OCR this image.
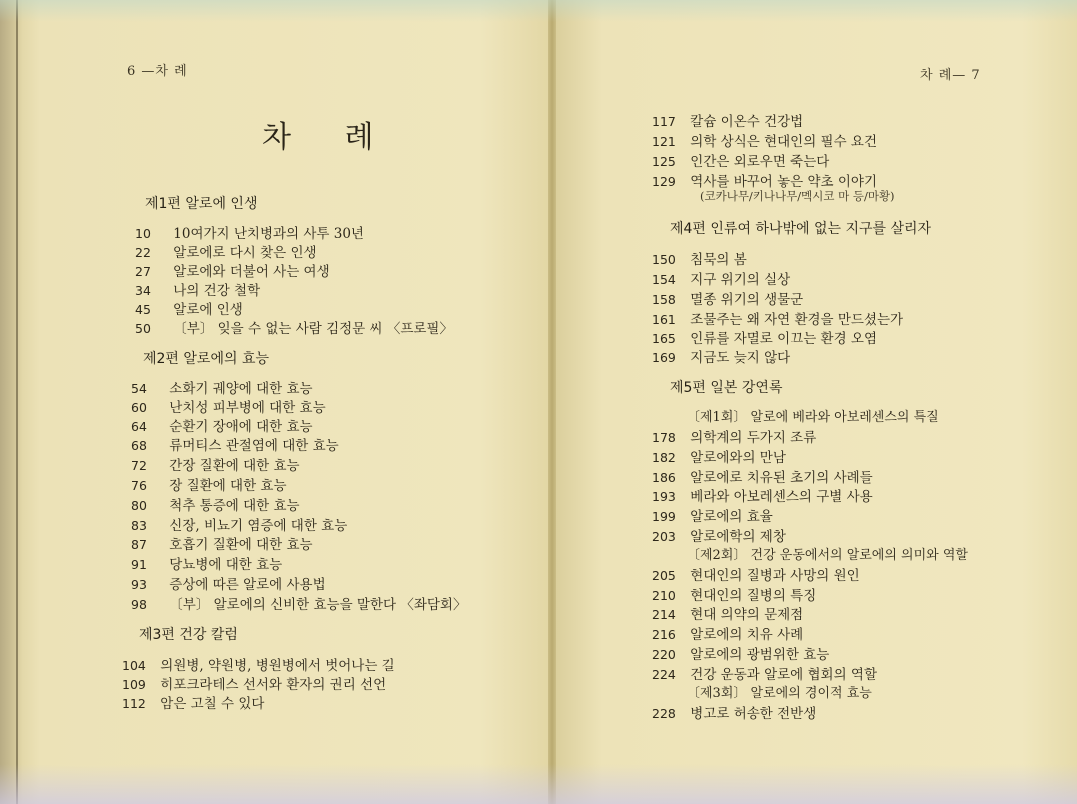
6 —차 례
차 례
제1편 알로에 인생
10 10여가지 난치병과의 사투 30년
22 알로에로 다시 찾은 인생
27 알로에와 더불어 사는 여생
34 나의 건강 철학
45 알로에 인생
50 〔부〕 잊을 수 없는 사람 김정문 씨 〈프로필〉
제2편 알로에의 효능
54 소화기 궤양에 대한 효능
60 난치성 피부병에 대한 효능
64 순환기 장애에 대한 효능
68 류머티스 관절염에 대한 효능
72 간장 질환에 대한 효능
76 장 질환에 대한 효능
80 척추 통증에 대한 효능
83 신장, 비뇨기 염증에 대한 효능
87 호흡기 질환에 대한 효능
91 당뇨병에 대한 효능
93 증상에 따른 알로에 사용법
98 〔부〕 알로에의 신비한 효능을 말한다 〈좌담회〉
제3편 건강 칼럼
104 의원병, 약원병, 병원병에서 벗어나는 길
109 히포크라테스 선서와 환자의 권리 선언
112 암은 고칠 수 있다
차 례— 7
117 칼슘 이온수 건강법
121 의학 상식은 현대인의 필수 요건
125 인간은 외로우면 죽는다
129 역사를 바꾸어 놓은 약초 이야기
(코카나무/키나나무/멕시코 마 등/마황)
제4편 인류여 하나밖에 없는 지구를 살리자
150 침묵의 봄
154 지구 위기의 실상
158 멸종 위기의 생물군
161 조물주는 왜 자연 환경을 만드셨는가
165 인류를 자멸로 이끄는 환경 오염
169 지금도 늦지 않다
제5편 일본 강연록
〔제1회〕 알로에 베라와 아보레센스의 특질
178 의학계의 두가지 조류
182 알로에와의 만남
186 알로에로 치유된 초기의 사례들
193 베라와 아보레센스의 구별 사용
199 알로에의 효율
203 알로에학의 제창
〔제2회〕 건강 운동에서의 알로에의 의미와 역할
205 현대인의 질병과 사망의 원인
210 현대인의 질병의 특징
214 현대 의약의 문제점
216 알로에의 치유 사례
220 알로에의 광범위한 효능
224 건강 운동과 알로에 협회의 역할
〔제3회〕 알로에의 경이적 효능
228 병고로 허송한 전반생
